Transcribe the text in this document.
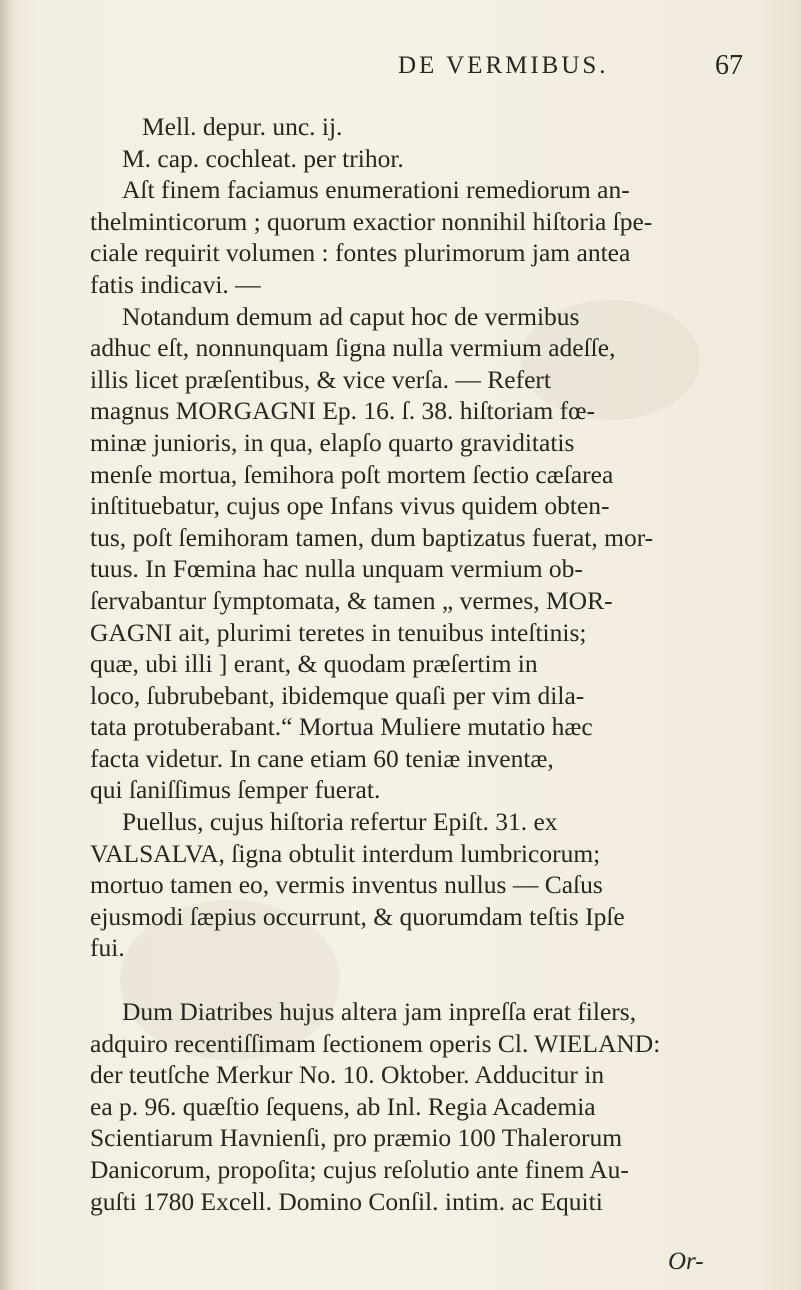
DE VERMIBUS.	67
Mell. depur. unc. ij.
M. cap. cochleat. per trihor.
Aſt finem faciamus enumerationi remediorum an-
thelminticorum ; quorum exactior nonnihil hiſtoria ſpe-
ciale requirit volumen : fontes plurimorum jam antea
fatis indicavi. —
Notandum demum ad caput hoc de vermibus
adhuc eſt, nonnunquam ſigna nulla vermium adeſſe,
illis licet præſentibus, & vice verſa. — Refert
magnus MORGAGNI Ep. 16. ſ. 38. hiſtoriam fœ-
minæ junioris, in qua, elapſo quarto graviditatis
menſe mortua, ſemihora poſt mortem ſectio cæſarea
inſtituebatur, cujus ope Infans vivus quidem obten-
tus, poſt ſemihoram tamen, dum baptizatus fuerat, mor-
tuus. In Fœmina hac nulla unquam vermium ob-
ſervabantur ſymptomata, & tamen „ vermes, MOR-
GAGNI ait, plurimi teretes in tenuibus inteſtinis;
quæ, ubi illi ] erant, & quodam præſertim in
loco, ſubrubebant, ibidemque quaſi per vim dila-
tata protuberabant.“ Mortua Muliere mutatio hæc
facta videtur. In cane etiam 60 teniæ inventæ,
qui ſaniſſimus ſemper fuerat.
Puellus, cujus hiſtoria refertur Epiſt. 31. ex
VALSALVA, ſigna obtulit interdum lumbricorum;
mortuo tamen eo, vermis inventus nullus — Caſus
ejusmodi ſæpius occurrunt, & quorumdam teſtis Ipſe
fui.
Dum Diatribes hujus altera jam inpreſſa erat filers,
adquiro recentiſſimam ſectionem operis Cl. WIELAND:
der teutſche Merkur No. 10. Oktober. Adducitur in
ea p. 96. quæſtio ſequens, ab Inl. Regia Academia
Scientiarum Havnienſi, pro præmio 100 Thalerorum
Danicorum, propoſita; cujus reſolutio ante finem Au-
guſti 1780 Excell. Domino Conſil. intim. ac Equiti
Or-
